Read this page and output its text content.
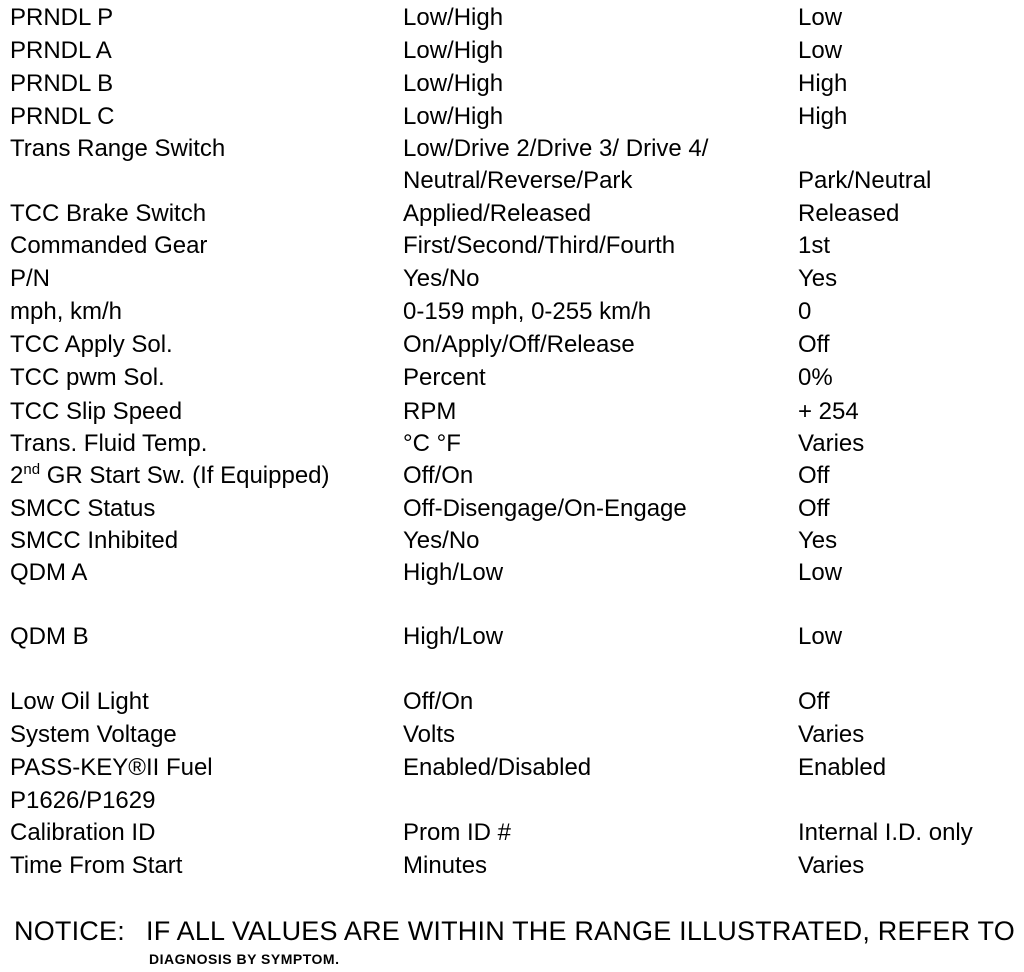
PRNDL P	Low/High	Low
PRNDL A	Low/High	Low
PRNDL B	Low/High	High
PRNDL C	Low/High	High
Trans Range Switch	Low/Drive 2/Drive 3/ Drive 4/
Neutral/Reverse/Park	Park/Neutral
TCC Brake Switch	Applied/Released	Released
Commanded Gear	First/Second/Third/Fourth	1st
P/N	Yes/No	Yes
mph, km/h	0-159 mph, 0-255 km/h	0
TCC Apply Sol.	On/Apply/Off/Release	Off
TCC pwm Sol.	Percent	0%
TCC Slip Speed	RPM	+ 254
Trans. Fluid Temp.	°C °F	Varies
2nd GR Start Sw. (If Equipped)	Off/On	Off
SMCC Status	Off-Disengage/On-Engage	Off
SMCC Inhibited	Yes/No	Yes
QDM A	High/Low	Low
QDM B	High/Low	Low
Low Oil Light	Off/On	Off
System Voltage	Volts	Varies
PASS-KEY®II Fuel	Enabled/Disabled	Enabled
P1626/P1629
Calibration ID	Prom ID #	Internal I.D. only
Time From Start	Minutes	Varies
NOTICE: IF ALL VALUES ARE WITHIN THE RANGE ILLUSTRATED, REFER TO
DIAGNOSIS BY SYMPTOM.
